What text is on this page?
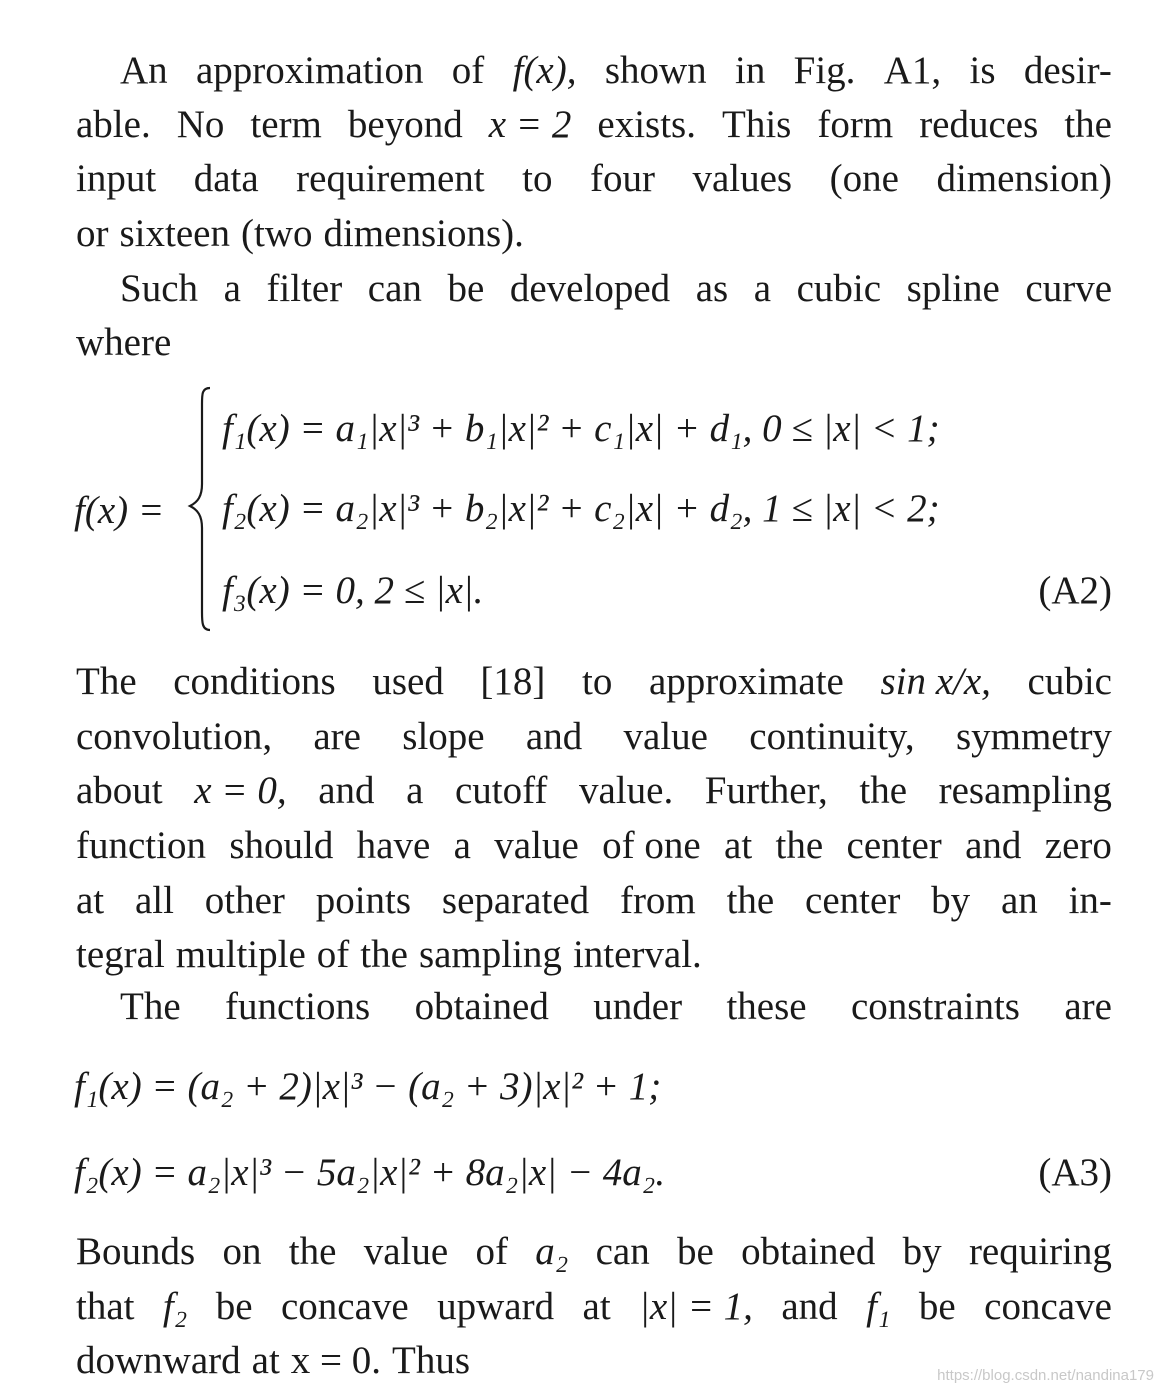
An approximation of f(x), shown in Fig. A1, is desir-
able. No term beyond x = 2 exists. This form reduces the
input data requirement to four values (one dimension)
or sixteen (two dimensions).
Such a filter can be developed as a cubic spline curve
where
f(x) =
f₁(x) = a₁|x|³ + b₁|x|² + c₁|x| + d₁, 0 ≤ |x| < 1;
f₂(x) = a₂|x|³ + b₂|x|² + c₂|x| + d₂, 1 ≤ |x| < 2;
f₃(x) = 0, 2 ≤ |x|.	(A2)
The conditions used [18] to approximate sin x/x, cubic
convolution, are slope and value continuity, symmetry
about x = 0, and a cutoff value. Further, the resampling
function should have a value of one at the center and zero
at all other points separated from the center by an in-
tegral multiple of the sampling interval.
The functions obtained under these constraints are
f₁(x) = (a₂ + 2)|x|³ − (a₂ + 3)|x|² + 1;
f₂(x) = a₂|x|³ − 5a₂|x|² + 8a₂|x| − 4a₂.	(A3)
Bounds on the value of a₂ can be obtained by requiring
that f₂ be concave upward at |x| = 1, and f₁ be concave
downward at x = 0. Thus	https://blog.csdn.net/nandina179
